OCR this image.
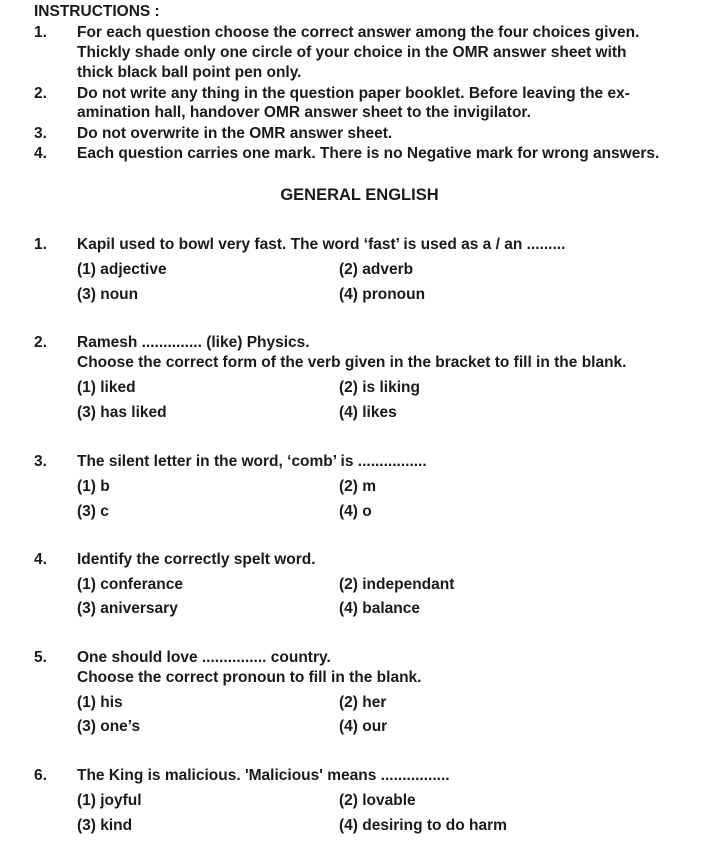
INSTRUCTIONS :
1. For each question choose the correct answer among the four choices given.
Thickly shade only one circle of your choice in the OMR answer sheet with
thick black ball point pen only.
2. Do not write any thing in the question paper booklet. Before leaving the ex-
amination hall, handover OMR answer sheet to the invigilator.
3. Do not overwrite in the OMR answer sheet.
4. Each question carries one mark. There is no Negative mark for wrong answers.
GENERAL ENGLISH
1. Kapil used to bowl very fast. The word ‘fast’ is used as a / an .........
(1) adjective	(2) adverb
(3) noun	(4) pronoun
2. Ramesh .............. (like) Physics.
Choose the correct form of the verb given in the bracket to fill in the blank.
(1) liked	(2) is liking
(3) has liked	(4) likes
3. The silent letter in the word, ‘comb’ is ................
(1) b	(2) m
(3) c	(4) o
4. Identify the correctly spelt word.
(1) conferance	(2) independant
(3) aniversary	(4) balance
5. One should love ............... country.
Choose the correct pronoun to fill in the blank.
(1) his	(2) her
(3) one’s	(4) our
6. The King is malicious. 'Malicious' means ................
(1) joyful	(2) lovable
(3) kind	(4) desiring to do harm
